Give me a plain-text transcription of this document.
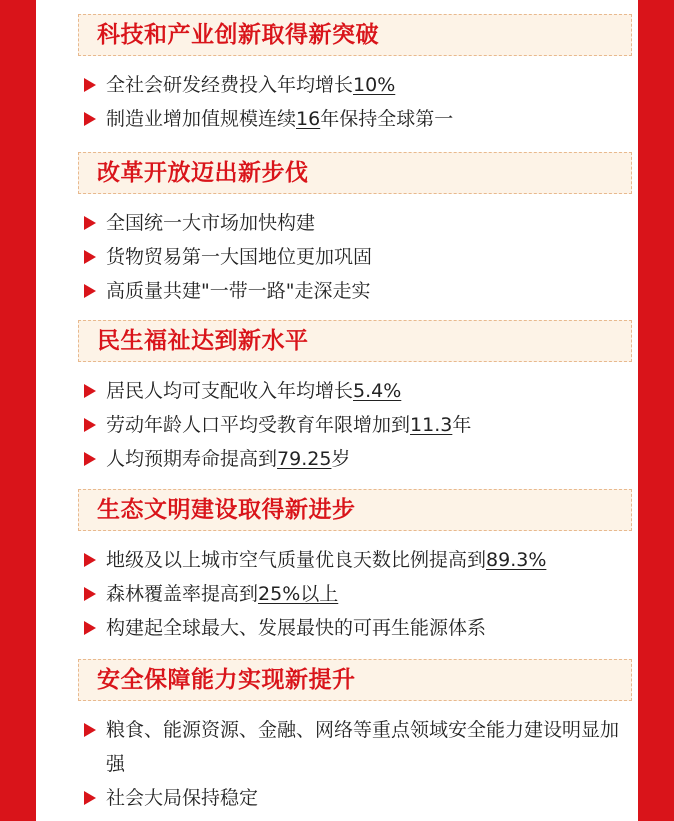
科技和产业创新取得新突破
全社会研发经费投入年均增长10%
制造业增加值规模连续16年保持全球第一
改革开放迈出新步伐
全国统一大市场加快构建
货物贸易第一大国地位更加巩固
高质量共建"一带一路"走深走实
民生福祉达到新水平
居民人均可支配收入年均增长5.4%
劳动年龄人口平均受教育年限增加到11.3年
人均预期寿命提高到79.25岁
生态文明建设取得新进步
地级及以上城市空气质量优良天数比例提高到89.3%
森林覆盖率提高到25%以上
构建起全球最大、发展最快的可再生能源体系
安全保障能力实现新提升
粮食、能源资源、金融、网络等重点领域安全能力建设明显加强
社会大局保持稳定
